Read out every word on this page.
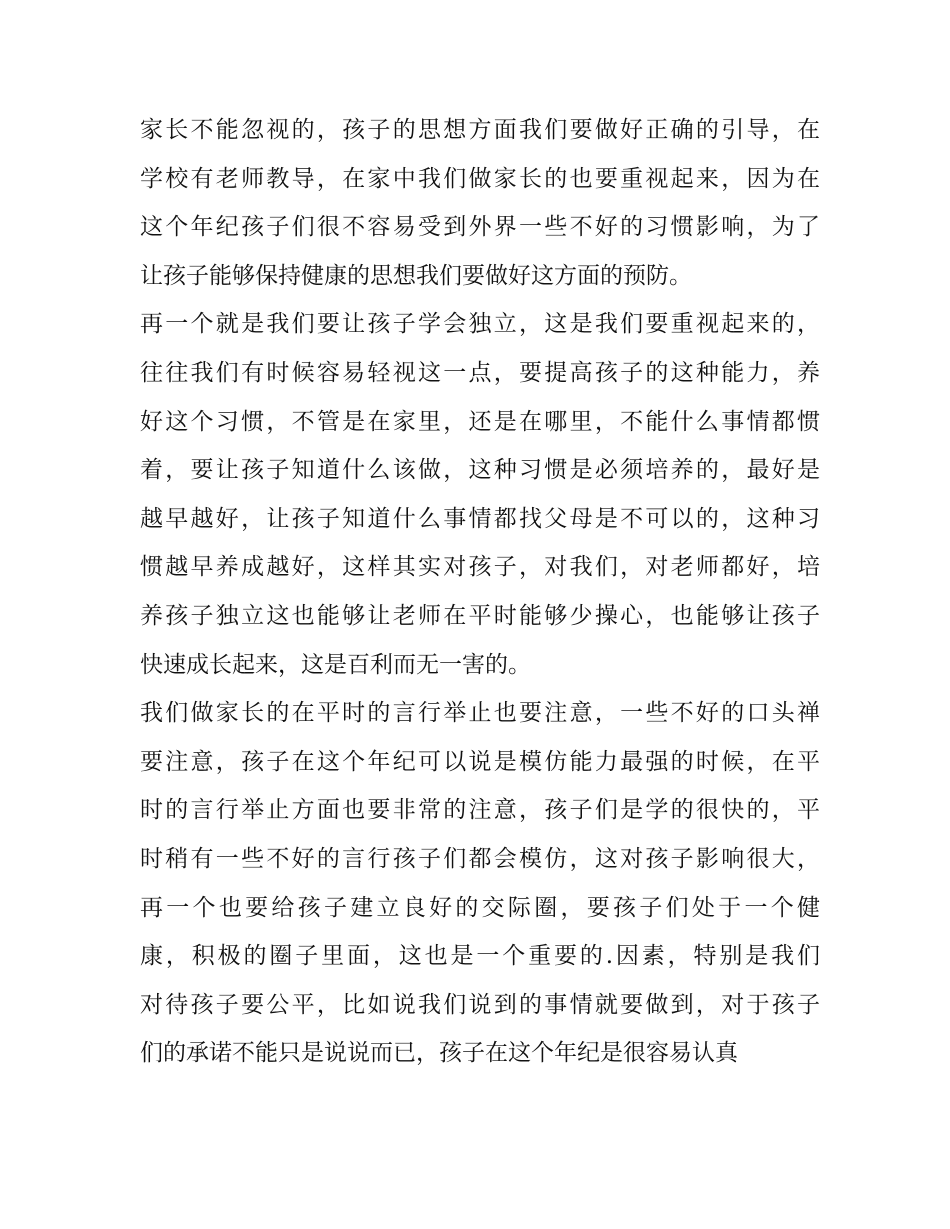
家长不能忽视的，孩子的思想方面我们要做好正确的引导，在
学校有老师教导，在家中我们做家长的也要重视起来，因为在
这个年纪孩子们很不容易受到外界一些不好的习惯影响，为了
让孩子能够保持健康的思想我们要做好这方面的预防。
再一个就是我们要让孩子学会独立，这是我们要重视起来的，
往往我们有时候容易轻视这一点，要提高孩子的这种能力，养
好这个习惯，不管是在家里，还是在哪里，不能什么事情都惯
着，要让孩子知道什么该做，这种习惯是必须培养的，最好是
越早越好，让孩子知道什么事情都找父母是不可以的，这种习
惯越早养成越好，这样其实对孩子，对我们，对老师都好，培
养孩子独立这也能够让老师在平时能够少操心，也能够让孩子
快速成长起来，这是百利而无一害的。
我们做家长的在平时的言行举止也要注意，一些不好的口头禅
要注意，孩子在这个年纪可以说是模仿能力最强的时候，在平
时的言行举止方面也要非常的注意，孩子们是学的很快的，平
时稍有一些不好的言行孩子们都会模仿，这对孩子影响很大，
再一个也要给孩子建立良好的交际圈，要孩子们处于一个健
康，积极的圈子里面，这也是一个重要的.因素，特别是我们
对待孩子要公平，比如说我们说到的事情就要做到，对于孩子
们的承诺不能只是说说而已，孩子在这个年纪是很容易认真
